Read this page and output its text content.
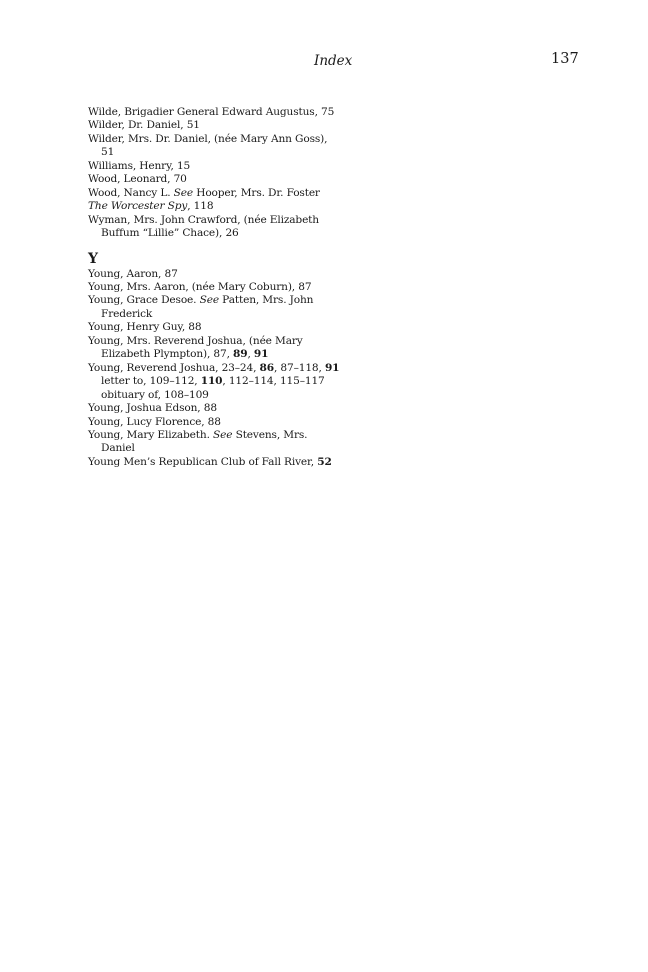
Index	137
Wilde, Brigadier General Edward Augustus, 75
Wilder, Dr. Daniel, 51
Wilder, Mrs. Dr. Daniel, (née Mary Ann Goss),
51
Williams, Henry, 15
Wood, Leonard, 70
Wood, Nancy L. See Hooper, Mrs. Dr. Foster
The Worcester Spy, 118
Wyman, Mrs. John Crawford, (née Elizabeth
Buffum “Lillie” Chace), 26
Y
Young, Aaron, 87
Young, Mrs. Aaron, (née Mary Coburn), 87
Young, Grace Desoe. See Patten, Mrs. John
Frederick
Young, Henry Guy, 88
Young, Mrs. Reverend Joshua, (née Mary
Elizabeth Plympton), 87, 89, 91
Young, Reverend Joshua, 23–24, 86, 87–118, 91
letter to, 109–112, 110, 112–114, 115–117
obituary of, 108–109
Young, Joshua Edson, 88
Young, Lucy Florence, 88
Young, Mary Elizabeth. See Stevens, Mrs.
Daniel
Young Men’s Republican Club of Fall River, 52
